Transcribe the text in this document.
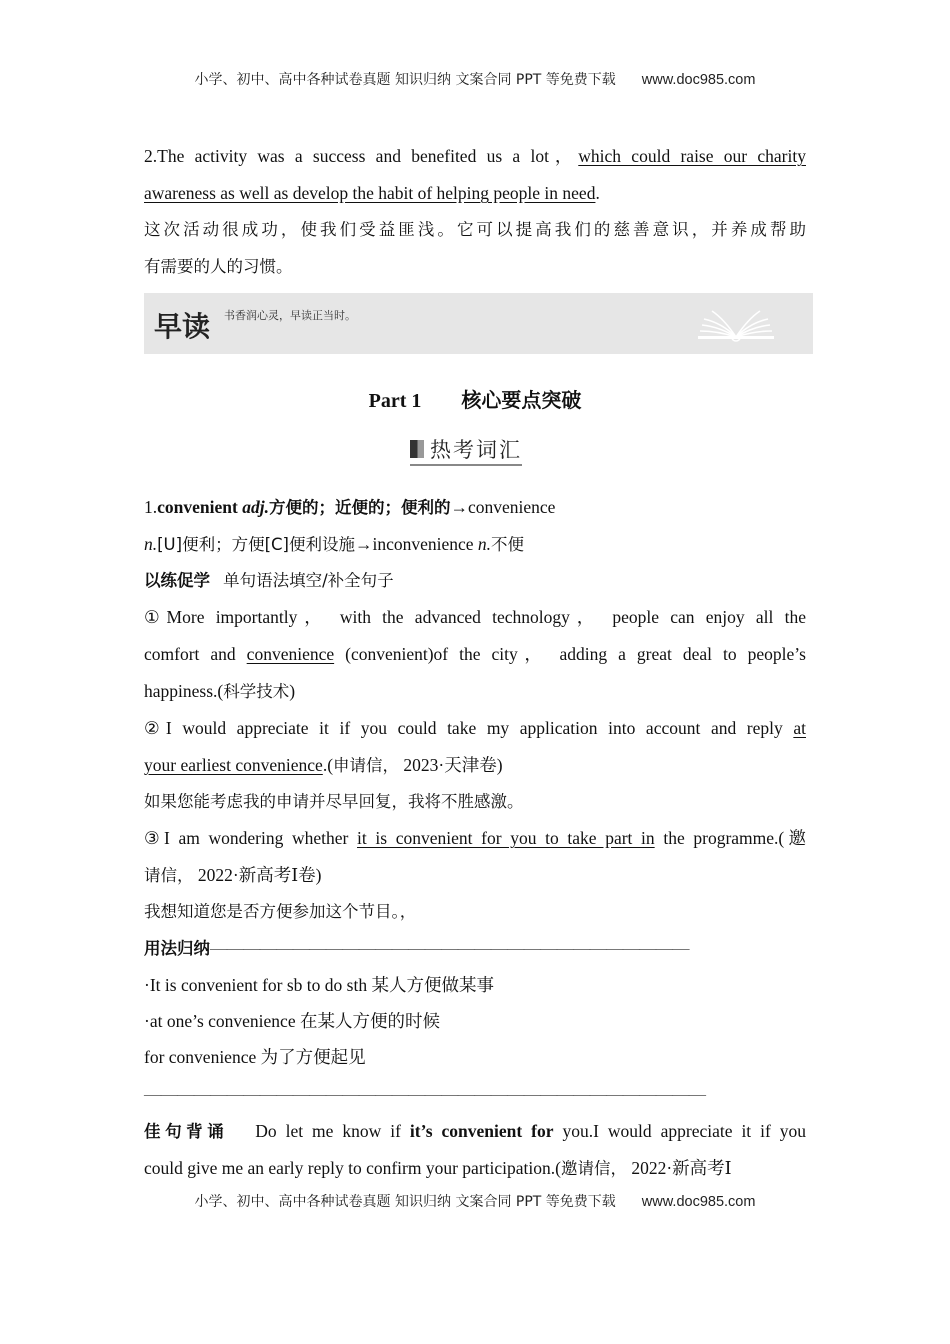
小学、初中、高中各种试卷真题 知识归纳 文案合同 PPT 等免费下载 www.doc985.com
2.The activity was a success and benefited us a lot，which could raise our charity
awareness as well as develop the habit of helping people in need.
这次活动很成功，使我们受益匪浅。它可以提高我们的慈善意识，并养成帮助
有需要的人的习惯。
早读 书香润心灵，早读正当时。
Part 1 核心要点突破
热考词汇
1.convenient adj.方便的；近便的；便利的→convenience
n.[U]便利；方便[C]便利设施→inconvenience n.不便
以练促学 单句语法填空/补全句子
①More importantly， with the advanced technology， people can enjoy all the
comfort and convenience (convenient)of the city， adding a great deal to people’s
happiness.(科学技术)
②I would appreciate it if you could take my application into account and reply at
your earliest convenience.(申请信， 2023·天津卷)
如果您能考虑我的申请并尽早回复，我将不胜感激。
③I am wondering whether it is convenient for you to take part in the programme.(邀
请信， 2022·新高考Ⅰ卷)
我想知道您是否方便参加这个节目。，
用法归纳—————————————————————————————
·It is convenient for sb to do sth 某人方便做某事
·at one’s convenience 在某人方便的时候
for convenience 为了方便起见
——————————————————————————————————
佳句背诵 Do let me know if it’s convenient for you.I would appreciate it if you
could give me an early reply to confirm your participation.(邀请信， 2022·新高考Ⅰ
小学、初中、高中各种试卷真题 知识归纳 文案合同 PPT 等免费下载 www.doc985.com
